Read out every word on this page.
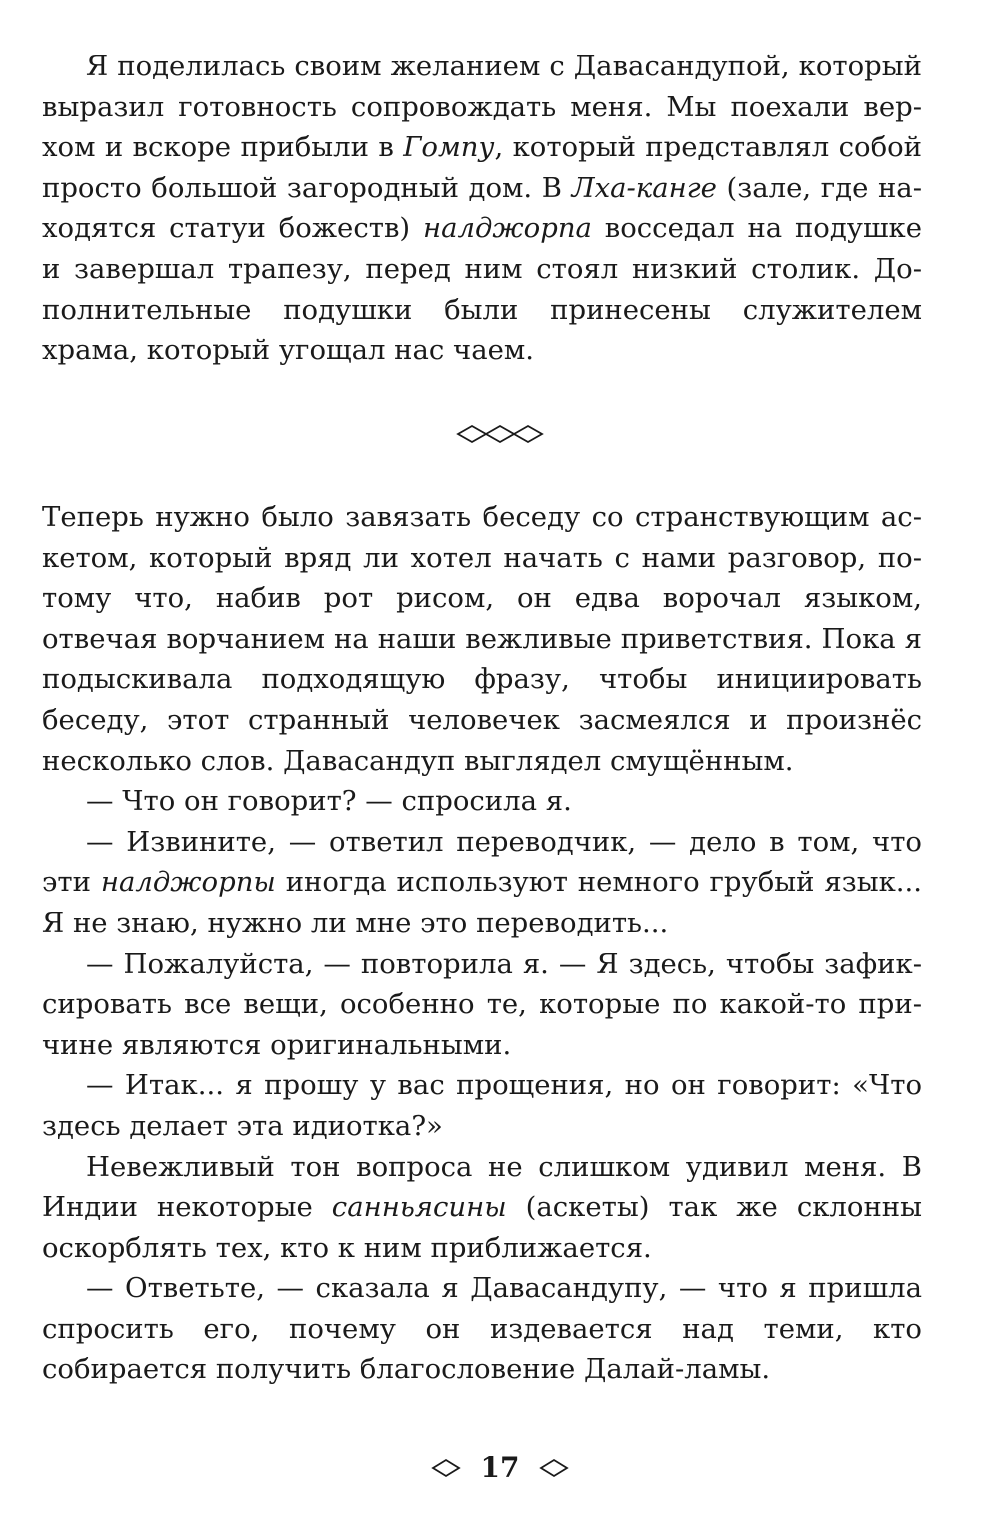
Я поделилась своим желанием с Давасандупой, который выразил готовность сопровождать меня. Мы поехали верхом и вскоре прибыли в Гомпу, который представлял собой просто большой загородный дом. В Лха-канге (зале, где находятся статуи божеств) налджорпа восседал на подушке и завершал трапезу, перед ним стоял низкий столик. Дополнительные подушки были принесены служителем храма, который угощал нас чаем.

Теперь нужно было завязать беседу со странствующим аскетом, который вряд ли хотел начать с нами разговор, потому что, набив рот рисом, он едва ворочал языком, отвечая ворчанием на наши вежливые приветствия. Пока я подыскивала подходящую фразу, чтобы инициировать беседу, этот странный человечек засмеялся и произнёс несколько слов. Давасандуп выглядел смущённым.

— Что он говорит? — спросила я.

— Извините, — ответил переводчик, — дело в том, что эти налджорпы иногда используют немного грубый язык... Я не знаю, нужно ли мне это переводить...

— Пожалуйста, — повторила я. — Я здесь, чтобы зафиксировать все вещи, особенно те, которые по какой-то причине являются оригинальными.

— Итак... я прошу у вас прощения, но он говорит: «Что здесь делает эта идиотка?»

Невежливый тон вопроса не слишком удивил меня. В Индии некоторые санньясины (аскеты) так же склонны оскорблять тех, кто к ним приближается.

— Ответьте, — сказала я Давасандупу, — что я пришла спросить его, почему он издевается над теми, кто собирается получить благословение Далай-ламы.

17
